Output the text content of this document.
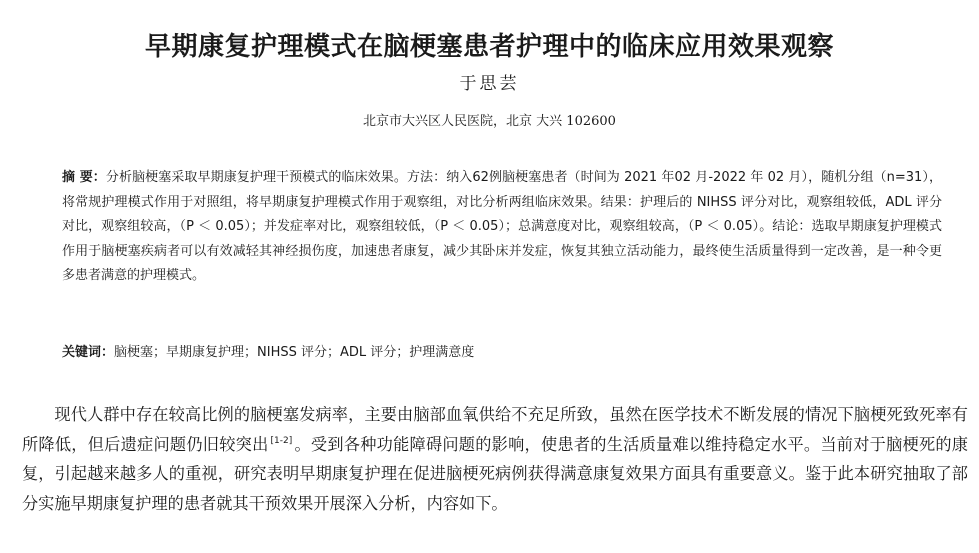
早期康复护理模式在脑梗塞患者护理中的临床应用效果观察
于思芸
北京市大兴区人民医院，北京 大兴 102600
摘 要：分析脑梗塞采取早期康复护理干预模式的临床效果。方法：纳入62例脑梗塞患者（时间为 2021 年02 月-2022 年 02 月），随机分组（n=31），将常规护理模式作用于对照组，将早期康复护理模式作用于观察组，对比分析两组临床效果。结果：护理后的 NIHSS 评分对比，观察组较低，ADL 评分对比，观察组较高，（P ＜ 0.05）；并发症率对比，观察组较低，（P ＜ 0.05）；总满意度对比，观察组较高，（P ＜ 0.05）。结论：选取早期康复护理模式作用于脑梗塞疾病者可以有效减轻其神经损伤度，加速患者康复，减少其卧床并发症，恢复其独立活动能力，最终使生活质量得到一定改善，是一种令更多患者满意的护理模式。
关键词：脑梗塞；早期康复护理；NIHSS 评分；ADL 评分；护理满意度
现代人群中存在较高比例的脑梗塞发病率，主要由脑部血氧供给不充足所致，虽然在医学技术不断发展的情况下脑梗死致死率有所降低，但后遗症问题仍旧较突出 [1-2] 。受到各种功能障碍问题的影响，使患者的生活质量难以维持稳定水平。当前对于脑梗死的康复，引起越来越多人的重视，研究表明早期康复护理在促进脑梗死病例获得满意康复效果方面具有重要意义。鉴于此本研究抽取了部分实施早期康复护理的患者就其干预效果开展深入分析，内容如下。
